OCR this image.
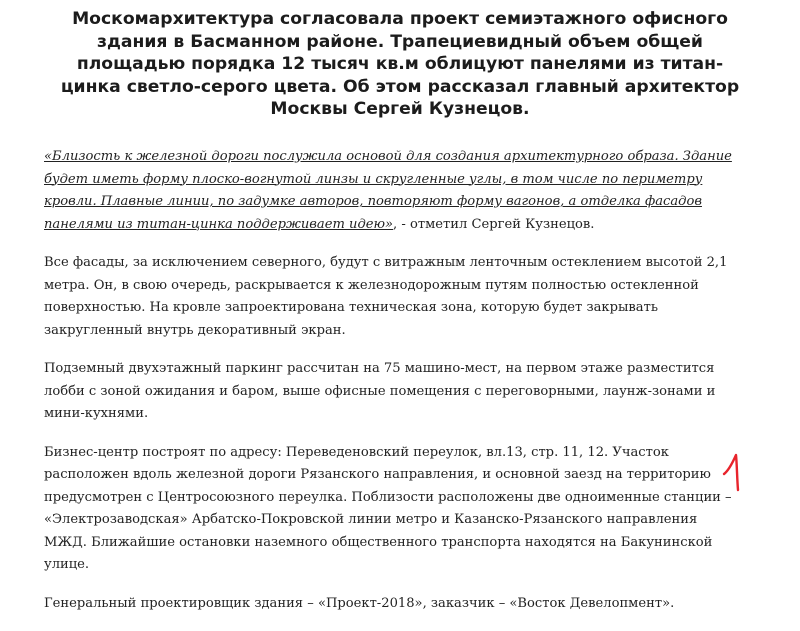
Москомархитектура согласовала проект семиэтажного офисного здания в Басманном районе. Трапециевидный объем общей площадью порядка 12 тысяч кв.м облицуют панелями из титан-цинка светло-серого цвета. Об этом рассказал главный архитектор Москвы Сергей Кузнецов.

«Близость к железной дороги послужила основой для создания архитектурного образа. Здание будет иметь форму плоско-вогнутой линзы и скругленные углы, в том числе по периметру кровли. Плавные линии, по задумке авторов, повторяют форму вагонов, а отделка фасадов панелями из титан-цинка поддерживает идею», - отметил Сергей Кузнецов.

Все фасады, за исключением северного, будут с витражным ленточным остеклением высотой 2,1 метра. Он, в свою очередь, раскрывается к железнодорожным путям полностью остекленной поверхностью. На кровле запроектирована техническая зона, которую будет закрывать закругленный внутрь декоративный экран.

Подземный двухэтажный паркинг рассчитан на 75 машино-мест, на первом этаже разместится лобби с зоной ожидания и баром, выше офисные помещения с переговорными, лаунж-зонами и мини-кухнями.

Бизнес-центр построят по адресу: Переведеновский переулок, вл.13, стр. 11, 12. Участок расположен вдоль железной дороги Рязанского направления, и основной заезд на территорию предусмотрен с Центросоюзного переулка. Поблизости расположены две одноименные станции – «Электрозаводская» Арбатско-Покровской линии метро и Казанско-Рязанского направления МЖД. Ближайшие остановки наземного общественного транспорта находятся на Бакунинской улице.

Генеральный проектировщик здания – «Проект-2018», заказчик – «Восток Девелопмент».
